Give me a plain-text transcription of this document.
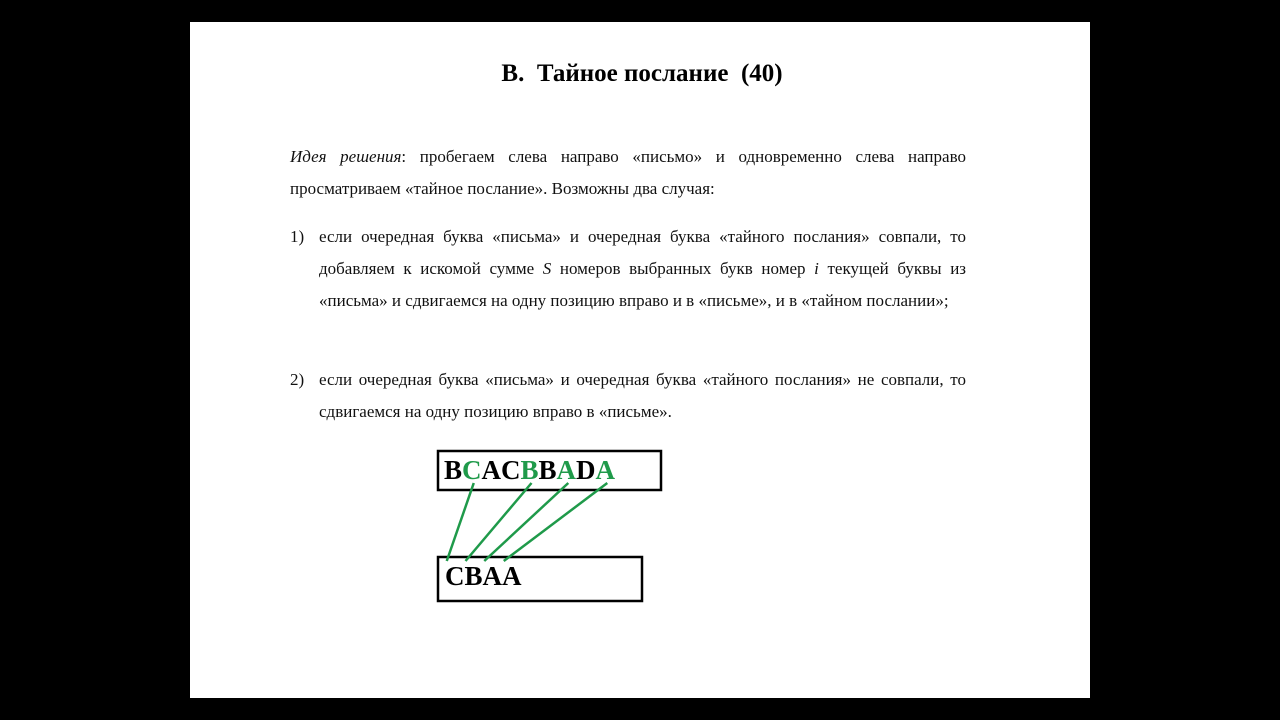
B.  Тайное послание  (40)
Идея решения: пробегаем слева направо «письмо» и одновременно слева направо просматриваем «тайное послание». Возможны два случая:
1) если очередная буква «письма» и очередная буква «тайного послания» совпали, то добавляем к искомой сумме S номеров выбранных букв номер i текущей буквы из «письма» и сдвигаемся на одну позицию вправо и в «письме», и в «тайном послании»;
2) если очередная буква «письма» и очередная буква «тайного послания» не совпали, то сдвигаемся на одну позицию вправо в «письме».
BCACBBADA
CBAA
